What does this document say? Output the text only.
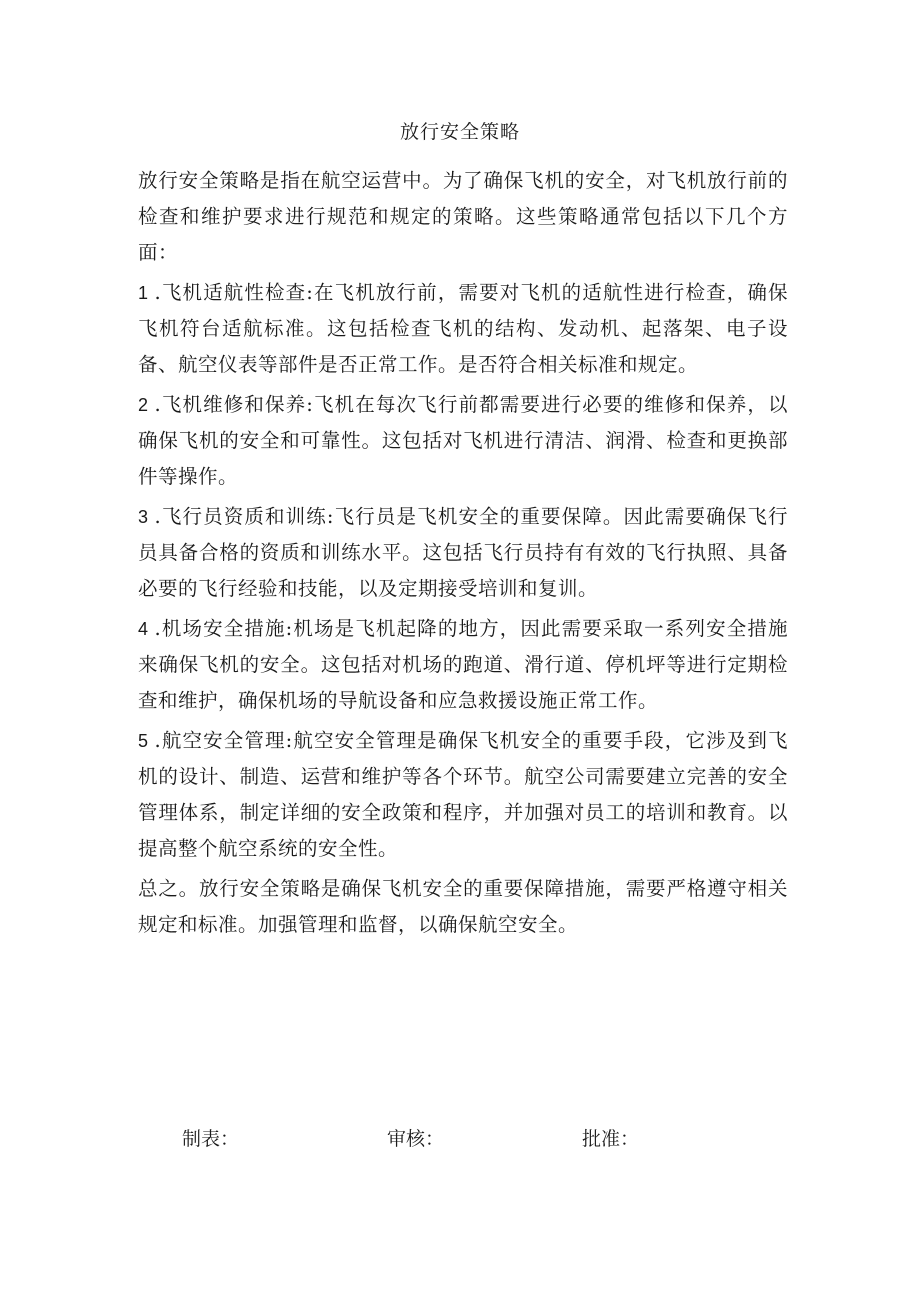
放行安全策略

放行安全策略是指在航空运营中。为了确保飞机的安全，对飞机放行前的检查和维护要求进行规范和规定的策略。这些策略通常包括以下几个方面：

1 .飞机适航性检查:在飞机放行前，需要对飞机的适航性进行检查，确保飞机符台适航标准。这包括检查飞机的结构、发动机、起落架、电子设备、航空仪表等部件是否正常工作。是否符合相关标准和规定。

2 .飞机维修和保养:飞机在每次飞行前都需要进行必要的维修和保养，以确保飞机的安全和可靠性。这包括对飞机进行清洁、润滑、检查和更换部件等操作。

3 .飞行员资质和训练:飞行员是飞机安全的重要保障。因此需要确保飞行员具备合格的资质和训练水平。这包括飞行员持有有效的飞行执照、具备必要的飞行经验和技能，以及定期接受培训和复训。

4 .机场安全措施:机场是飞机起降的地方，因此需要采取一系列安全措施来确保飞机的安全。这包括对机场的跑道、滑行道、停机坪等进行定期检查和维护，确保机场的导航设备和应急救援设施正常工作。

5 .航空安全管理:航空安全管理是确保飞机安全的重要手段，它涉及到飞机的设计、制造、运营和维护等各个环节。航空公司需要建立完善的安全管理体系，制定详细的安全政策和程序，并加强对员工的培训和教育。以提高整个航空系统的安全性。

总之。放行安全策略是确保飞机安全的重要保障措施，需要严格遵守相关规定和标准。加强管理和监督，以确保航空安全。

制表：	审核：	批准：
